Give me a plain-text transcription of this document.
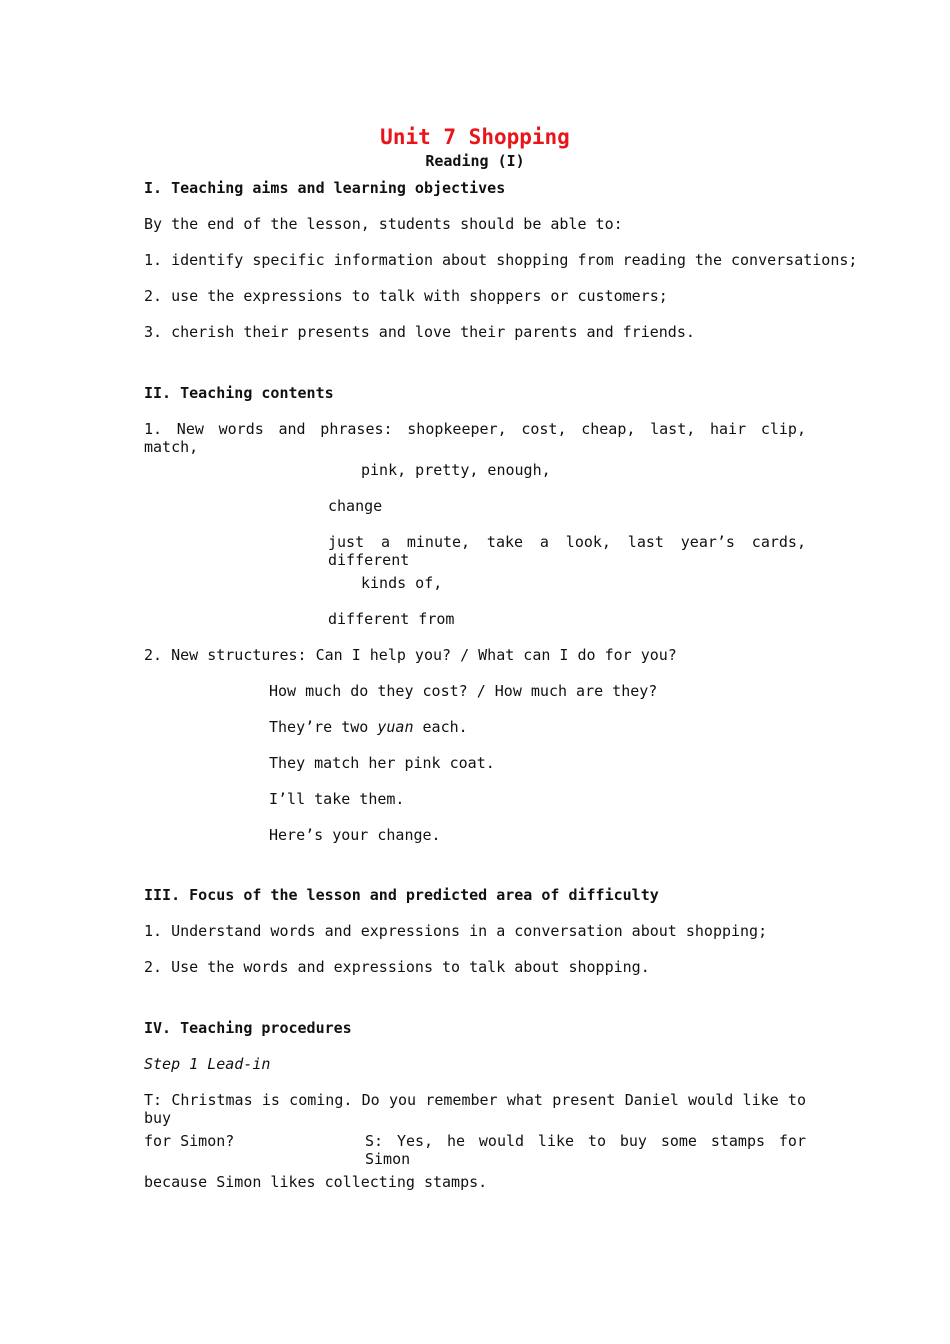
Unit 7 Shopping
Reading (I)
I. Teaching aims and learning objectives
By the end of the lesson, students should be able to:
1. identify specific information about shopping from reading the conversations;
2. use the expressions to talk with shoppers or customers;
3. cherish their presents and love their parents and friends.
II. Teaching contents
1. New words and phrases: shopkeeper, cost, cheap, last, hair clip, match,
pink, pretty, enough,
change
just a minute, take a look, last year’s cards, different
kinds of,
different from
2. New structures: Can I help you? / What can I do for you?
How much do they cost? / How much are they?
They’re two yuan each.
They match her pink coat.
I’ll take them.
Here’s your change.
III. Focus of the lesson and predicted area of difficulty
1. Understand words and expressions in a conversation about shopping;
2. Use the words and expressions to talk about shopping.
IV. Teaching procedures
Step 1 Lead-in
T: Christmas is coming. Do you remember what present Daniel would like to buy
for Simon?	S: Yes, he would like to buy some stamps for Simon
because Simon likes collecting stamps.
